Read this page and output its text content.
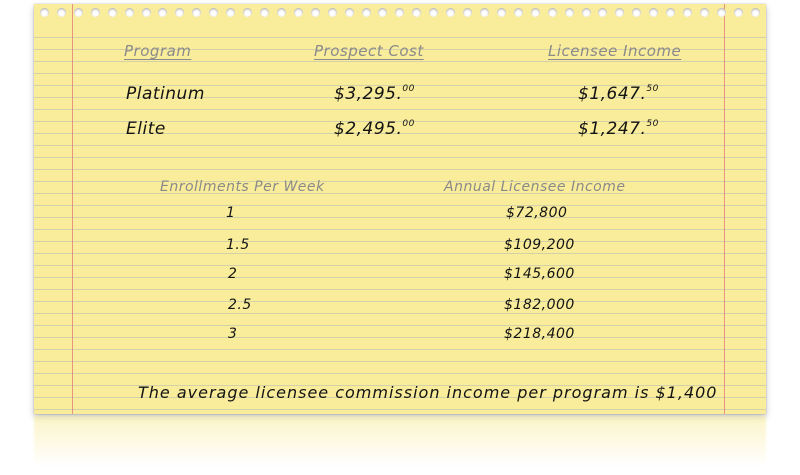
Program	Prospect Cost	Licensee Income
Platinum	$3,295.00	$1,647.50
Elite	$2,495.00	$1,247.50
Enrollments Per Week	Annual Licensee Income
1	$72,800
1.5	$109,200
2	$145,600
2.5	$182,000
3	$218,400
The average licensee commission income per program is $1,400
